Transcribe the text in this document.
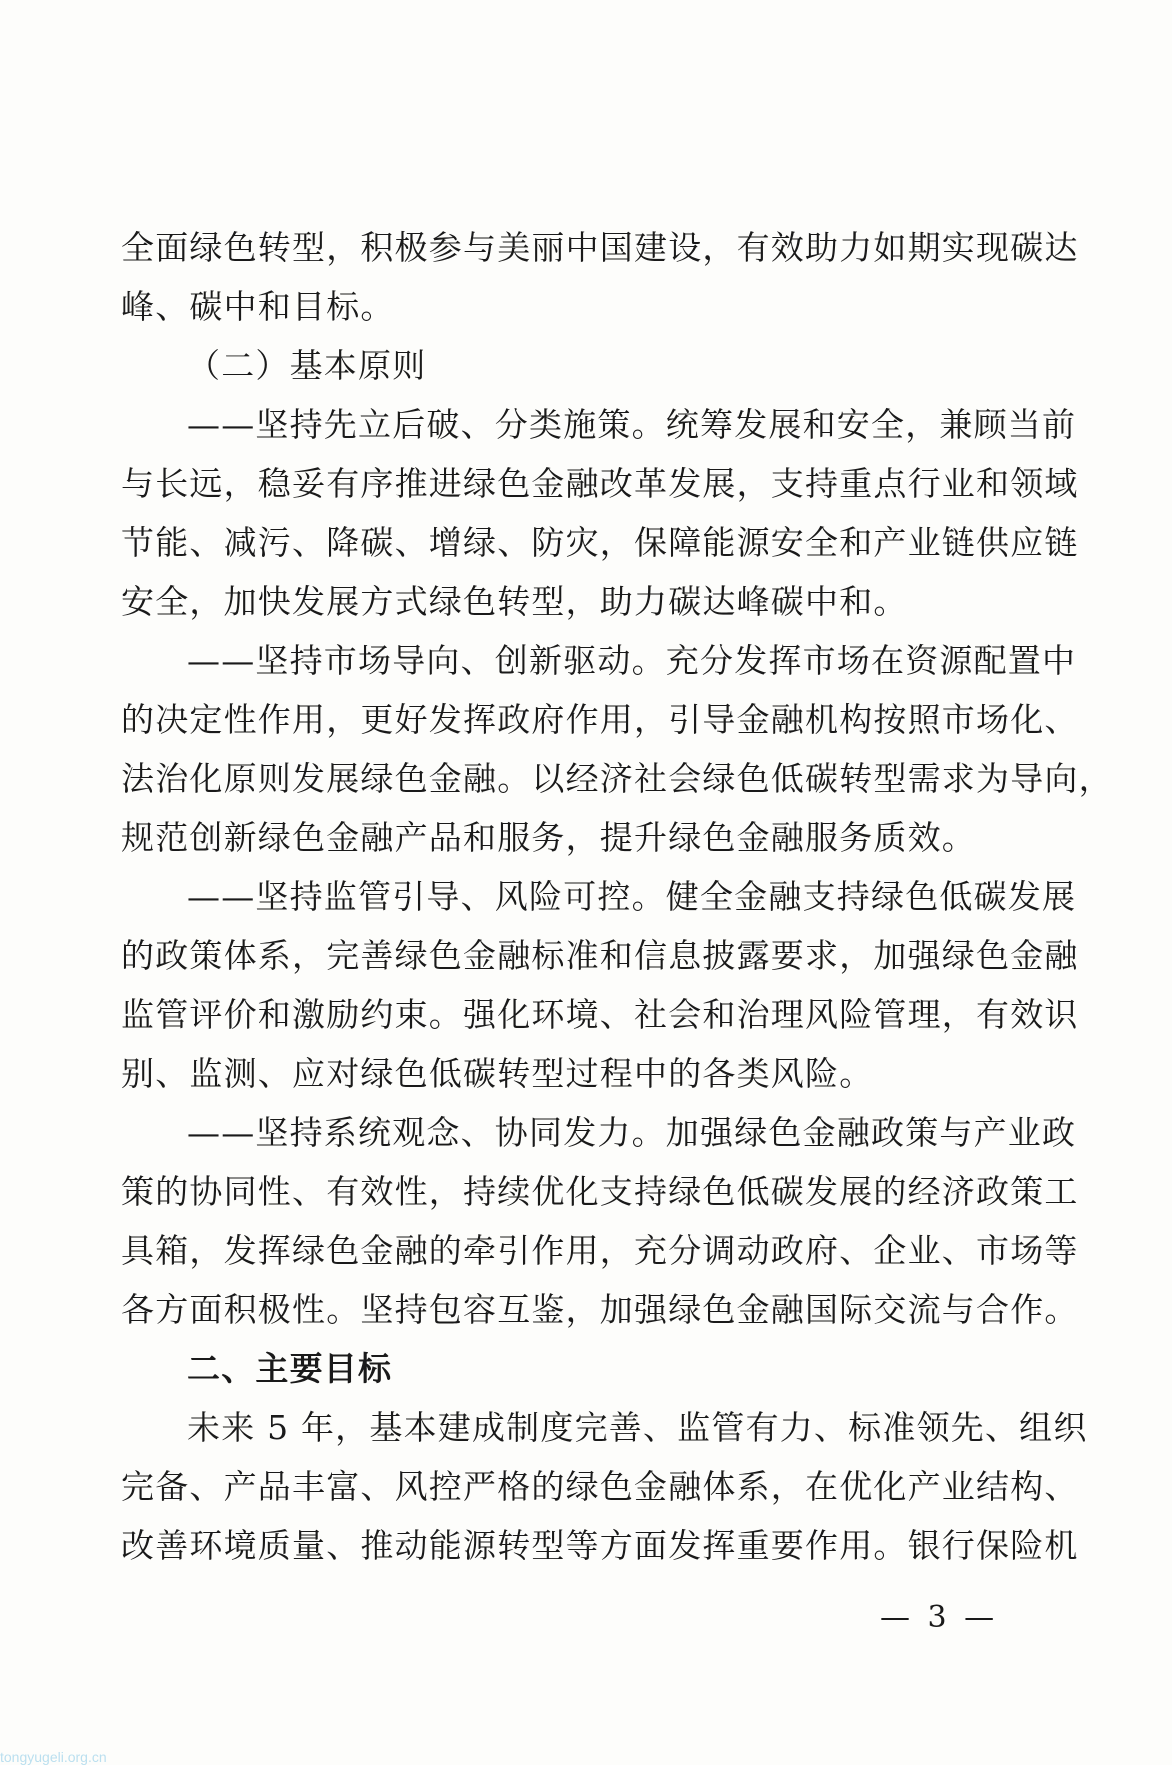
全面绿色转型，积极参与美丽中国建设，有效助力如期实现碳达
峰、碳中和目标。
（二）基本原则
——坚持先立后破、分类施策。统筹发展和安全，兼顾当前
与长远，稳妥有序推进绿色金融改革发展，支持重点行业和领域
节能、减污、降碳、增绿、防灾，保障能源安全和产业链供应链
安全，加快发展方式绿色转型，助力碳达峰碳中和。
——坚持市场导向、创新驱动。充分发挥市场在资源配置中
的决定性作用，更好发挥政府作用，引导金融机构按照市场化、
法治化原则发展绿色金融。以经济社会绿色低碳转型需求为导向，
规范创新绿色金融产品和服务，提升绿色金融服务质效。
——坚持监管引导、风险可控。健全金融支持绿色低碳发展
的政策体系，完善绿色金融标准和信息披露要求，加强绿色金融
监管评价和激励约束。强化环境、社会和治理风险管理，有效识
别、监测、应对绿色低碳转型过程中的各类风险。
——坚持系统观念、协同发力。加强绿色金融政策与产业政
策的协同性、有效性，持续优化支持绿色低碳发展的经济政策工
具箱，发挥绿色金融的牵引作用，充分调动政府、企业、市场等
各方面积极性。坚持包容互鉴，加强绿色金融国际交流与合作。
二、主要目标
未来 5 年，基本建成制度完善、监管有力、标准领先、组织
完备、产品丰富、风控严格的绿色金融体系，在优化产业结构、
改善环境质量、推动能源转型等方面发挥重要作用。银行保险机
— 3 —
tongyugeli.org.cn
